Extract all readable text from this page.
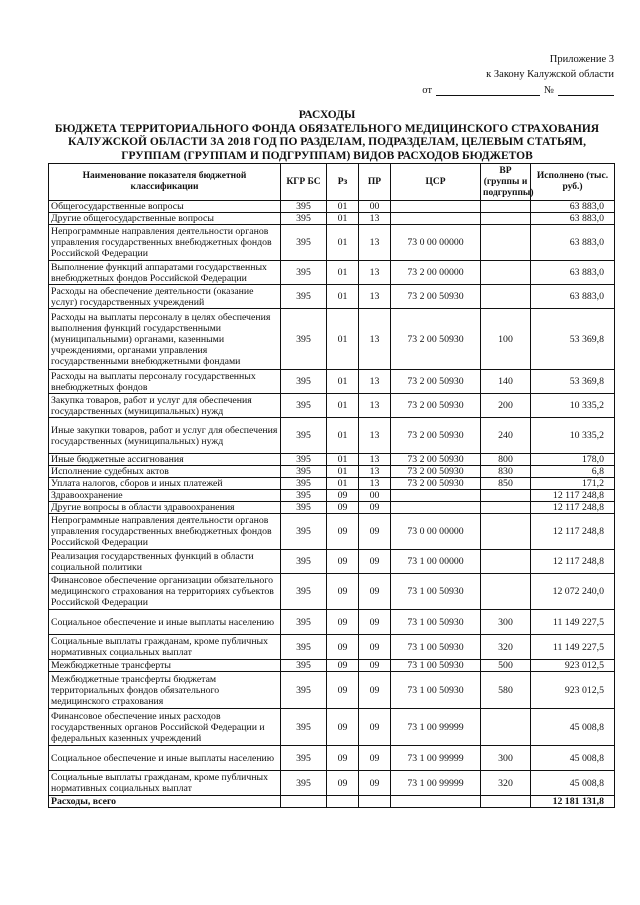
Приложение 3
к Закону Калужской области
от	№
РАСХОДЫ
БЮДЖЕТА ТЕРРИТОРИАЛЬНОГО ФОНДА ОБЯЗАТЕЛЬНОГО МЕДИЦИНСКОГО СТРАХОВАНИЯ
КАЛУЖСКОЙ ОБЛАСТИ ЗА 2018 ГОД ПО РАЗДЕЛАМ, ПОДРАЗДЕЛАМ, ЦЕЛЕВЫМ СТАТЬЯМ,
ГРУППАМ (ГРУППАМ И ПОДГРУППАМ) ВИДОВ РАСХОДОВ БЮДЖЕТОВ
Наименование показателя бюджетной классификации	КГР БС	Рз	ПР	ЦСР	ВР (группы и подгруппы)	Исполнено (тыс. руб.)
Общегосударственные вопросы	395	01	00			63 883,0
Другие общегосударственные вопросы	395	01	13			63 883,0
Непрограммные направления деятельности органов управления государственных внебюджетных фондов Российской Федерации	395	01	13	73 0 00 00000		63 883,0
Выполнение функций аппаратами государственных внебюджетных фондов Российской Федерации	395	01	13	73 2 00 00000		63 883,0
Расходы на обеспечение деятельности (оказание услуг) государственных учреждений	395	01	13	73 2 00 50930		63 883,0
Расходы на выплаты персоналу в целях обеспечения выполнения функций государственными (муниципальными) органами, казенными учреждениями, органами управления государственными внебюджетными фондами	395	01	13	73 2 00 50930	100	53 369,8
Расходы на выплаты персоналу государственных внебюджетных фондов	395	01	13	73 2 00 50930	140	53 369,8
Закупка товаров, работ и услуг для обеспечения государственных (муниципальных) нужд	395	01	13	73 2 00 50930	200	10 335,2
Иные закупки товаров, работ и услуг для обеспечения государственных (муниципальных) нужд	395	01	13	73 2 00 50930	240	10 335,2
Иные бюджетные ассигнования	395	01	13	73 2 00 50930	800	178,0
Исполнение судебных актов	395	01	13	73 2 00 50930	830	6,8
Уплата налогов, сборов и иных платежей	395	01	13	73 2 00 50930	850	171,2
Здравоохранение	395	09	00			12 117 248,8
Другие вопросы в области здравоохранения	395	09	09			12 117 248,8
Непрограммные направления деятельности органов управления государственных внебюджетных фондов Российской Федерации	395	09	09	73 0 00 00000		12 117 248,8
Реализация государственных функций в области социальной политики	395	09	09	73 1 00 00000		12 117 248,8
Финансовое обеспечение организации обязательного медицинского страхования на территориях субъектов Российской Федерации	395	09	09	73 1 00 50930		12 072 240,0
Социальное обеспечение и иные выплаты населению	395	09	09	73 1 00 50930	300	11 149 227,5
Социальные выплаты гражданам, кроме публичных нормативных социальных выплат	395	09	09	73 1 00 50930	320	11 149 227,5
Межбюджетные трансферты	395	09	09	73 1 00 50930	500	923 012,5
Межбюджетные трансферты бюджетам территориальных фондов обязательного медицинского страхования	395	09	09	73 1 00 50930	580	923 012,5
Финансовое обеспечение иных расходов государственных органов Российской Федерации и федеральных казенных учреждений	395	09	09	73 1 00 99999		45 008,8
Социальное обеспечение и иные выплаты населению	395	09	09	73 1 00 99999	300	45 008,8
Социальные выплаты гражданам, кроме публичных нормативных социальных выплат	395	09	09	73 1 00 99999	320	45 008,8
Расходы, всего						12 181 131,8
